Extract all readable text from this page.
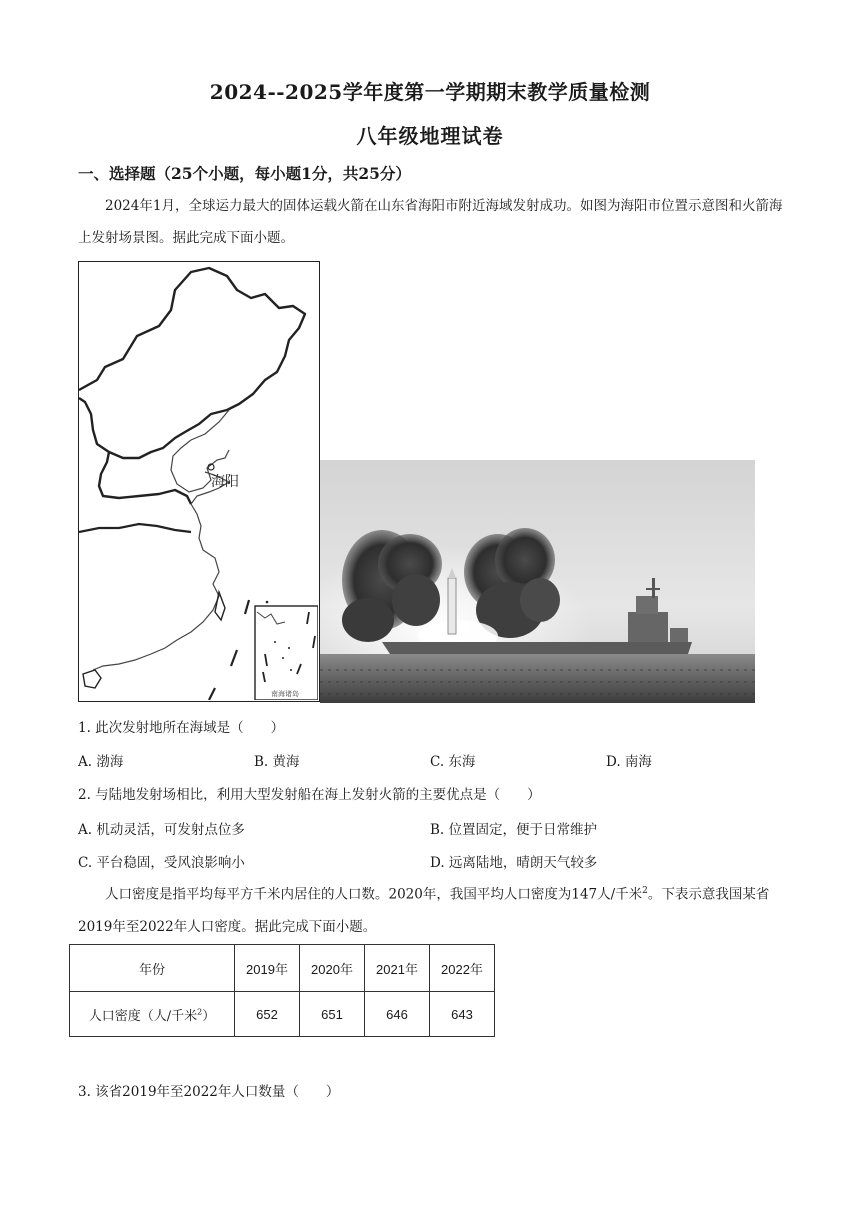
2024--2025学年度第一学期期末教学质量检测
八年级地理试卷
一、选择题（25个小题，每小题1分，共25分）
2024年1月，全球运力最大的固体运载火箭在山东省海阳市附近海域发射成功。如图为海阳市位置示意图和火箭海上发射场景图。据此完成下面小题。
海阳
南海诸岛
1. 此次发射地所在海域是（　　）
A. 渤海	B. 黄海	C. 东海	D. 南海
2. 与陆地发射场相比，利用大型发射船在海上发射火箭的主要优点是（　　）
A. 机动灵活，可发射点位多	B. 位置固定，便于日常维护
C. 平台稳固，受风浪影响小	D. 远离陆地，晴朗天气较多
人口密度是指平均每平方千米内居住的人口数。2020年，我国平均人口密度为147人/千米$^2$。下表示意我国某省2019年至2022年人口密度。据此完成下面小题。
年份	2019年	2020年	2021年	2022年
人口密度（人/千米$^2$）	652	651	646	643
3. 该省2019年至2022年人口数量（　　）
